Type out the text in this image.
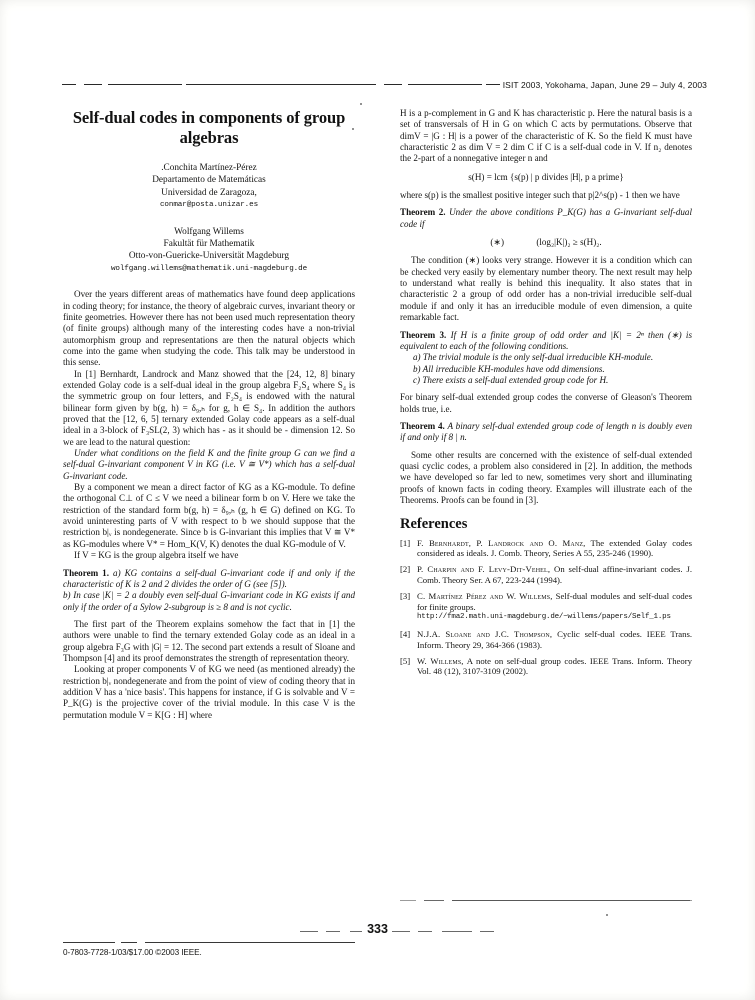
ISIT 2003, Yokohama, Japan, June 29 – July 4, 2003
Self-dual codes in components of group algebras
.Conchita Martínez-Pérez
Departamento de Matemáticas
Universidad de Zaragoza,
conmar@posta.unizar.es
Wolfgang Willems
Fakultät für Mathematik
Otto-von-Guericke-Universität Magdeburg
wolfgang.willems@mathematik.uni-magdeburg.de

Over the years different areas of mathematics have found deep applications in coding theory; for instance, the theory of algebraic curves, invariant theory or finite geometries. However there has not been used much representation theory (of finite groups) although many of the interesting codes have a non-trivial automorphism group and representations are then the natural objects which come into the game when studying the code. This talk may be understood in this sense.

In [1] Bernhardt, Landrock and Manz showed that the [24, 12, 8] binary extended Golay code is a self-dual ideal in the group algebra F₂S₄ where S₄ is the symmetric group on four letters, and F₂S₄ is endowed with the natural bilinear form given by b(g, h) = δ₉,ₕ for g, h ∈ S₄. In addition the authors proved that the [12, 6, 5] ternary extended Golay code appears as a self-dual ideal in a 3-block of F₃SL(2, 3) which has - as it should be - dimension 12. So we are lead to the natural question:

Under what conditions on the field K and the finite group G can we find a self-dual G-invariant component V in KG (i.e. V ≅ V*) which has a self-dual G-invariant code.

By a component we mean a direct factor of KG as a KG-module. To define the orthogonal C⊥ of C ≤ V we need a bilinear form b on V. Here we take the restriction of the standard form b(g, h) = δ₉,ₕ (g, h ∈ G) defined on KG. To avoid uninteresting parts of V with respect to b we should suppose that the restriction b|ᵥ is nondegenerate. Since b is G-invariant this implies that V ≅ V* as KG-modules where V* = Hom_K(V, K) denotes the dual KG-module of V.

If V = KG is the group algebra itself we have

Theorem 1. a) KG contains a self-dual G-invariant code if and only if the characteristic of K is 2 and 2 divides the order of G (see [5]).

b) In case |K| = 2 a doubly even self-dual G-invariant code in KG exists if and only if the order of a Sylow 2-subgroup is ≥ 8 and is not cyclic.

The first part of the Theorem explains somehow the fact that in [1] the authors were unable to find the ternary extended Golay code as an ideal in a group algebra F₃G with |G| = 12. The second part extends a result of Sloane and Thompson [4] and its proof demonstrates the strength of representation theory.

Looking at proper components V of KG we need (as mentioned already) the restriction b|ᵥ nondegenerate and from the point of view of coding theory that in addition V has a 'nice basis'. This happens for instance, if G is solvable and V = P_K(G) is the projective cover of the trivial module. In this case V is the permutation module V = K[G : H] where

H is a p-complement in G and K has characteristic p. Here the natural basis is a set of transversals of H in G on which C acts by permutations. Observe that dimV = |G : H| is a power of the characteristic of K. So the field K must have characteristic 2 as dim V = 2 dim C if C is a self-dual code in V. If n₂ denotes the 2-part of a nonnegative integer n and

s(H) = lcm {s(p) | p divides |H|, p a prime}

where s(p) is the smallest positive integer such that p|2^s(p) - 1 then we have

Theorem 2. Under the above conditions P_K(G) has a G-invariant self-dual code if

(∗)	(log₂|K|)₂ ≥ s(H)₂.

The condition (∗) looks very strange. However it is a condition which can be checked very easily by elementary number theory. The next result may help to understand what really is behind this inequality. It also states that in characteristic 2 a group of odd order has a non-trivial irreducible self-dual module if and only it has an irreducible module of even dimension, a quite remarkable fact.

Theorem 3. If H is a finite group of odd order and |K| = 2ⁿ then (∗) is equivalent to each of the following conditions.

a) The trivial module is the only self-dual irreducible KH-module.
b) All irreducible KH-modules have odd dimensions.
c) There exists a self-dual extended group code for H.

For binary self-dual extended group codes the converse of Gleason's Theorem holds true, i.e.

Theorem 4. A binary self-dual extended group code of length n is doubly even if and only if 8 | n.

Some other results are concerned with the existence of self-dual extended quasi cyclic codes, a problem also considered in [2]. In addition, the methods we have developed so far led to new, sometimes very short and illuminating proofs of known facts in coding theory. Examples will illustrate each of the Theorems. Proofs can be found in [3].

References
[1] F. Bernhardt, P. Landrock and O. Manz, The extended Golay codes considered as ideals. J. Comb. Theory, Series A 55, 235-246 (1990).
[2] P. Charpin and F. Levy-Dit-Vehel, On self-dual affine-invariant codes. J. Comb. Theory Ser. A 67, 223-244 (1994).
[3] C. Martínez Pérez and W. Willems, Self-dual modules and self-dual codes for finite groups.
http://fma2.math.uni-magdeburg.de/~willems/papers/Self_1.ps
[4] N.J.A. Sloane and J.C. Thompson, Cyclic self-dual codes. IEEE Trans. Inform. Theory 29, 364-366 (1983).
[5] W. Willems, A note on self-dual group codes. IEEE Trans. Inform. Theory Vol. 48 (12), 3107-3109 (2002).
0-7803-7728-1/03/$17.00 ©2003 IEEE.
333
